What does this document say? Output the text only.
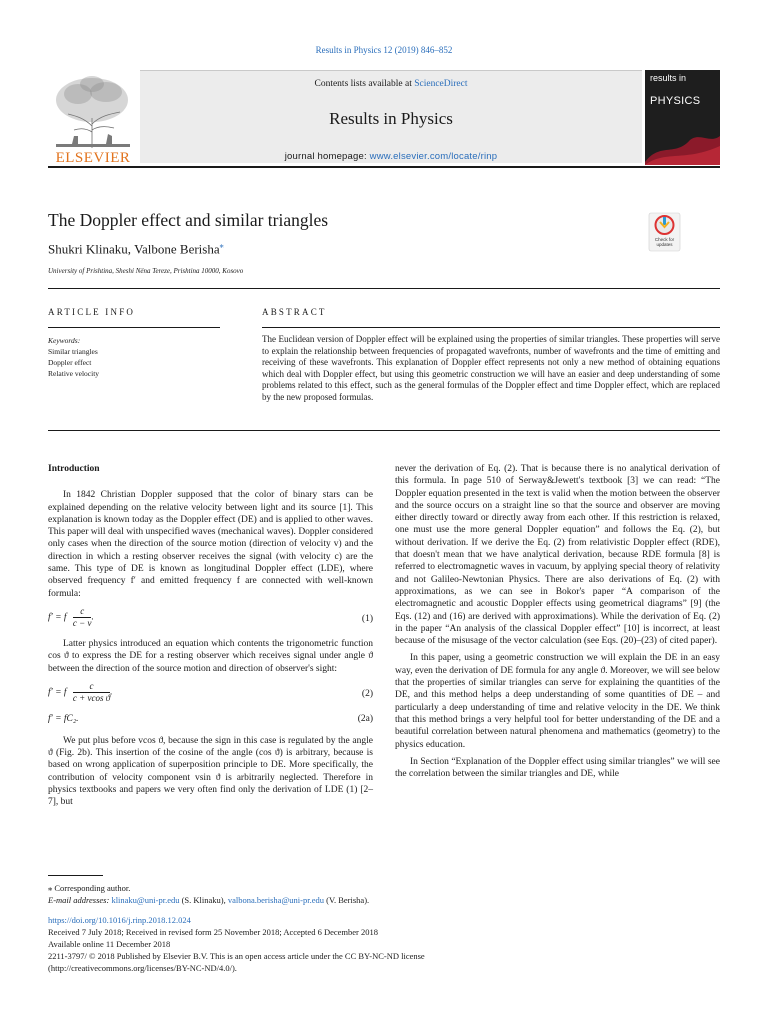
Results in Physics 12 (2019) 846–852
ELSEVIER
Contents lists available at ScienceDirect
Results in Physics
journal homepage: www.elsevier.com/locate/rinp
results in
PHYSICS
The Doppler effect and similar triangles
Shukri Klinaku, Valbone Berisha⁎
University of Prishtina, Sheshi Nëna Tereze, Prishtina 10000, Kosovo
Check for
updates
ARTICLE INFO	ABSTRACT
Keywords:
Similar triangles
Doppler effect
Relative velocity

The Euclidean version of Doppler effect will be explained using the properties of similar triangles. These properties will serve to explain the relationship between frequencies of propagated wavefronts, number of wavefronts and the time of emitting and receiving of these wavefronts. This explanation of Doppler effect represents not only a new method of obtaining equations which deal with Doppler effect, but using this geometric construction we will have an easier and deep understanding of some problems related to this effect, such as the general formulas of the Doppler effect and time Doppler effect, which are replaced by the new proposed formulas.

Introduction

In 1842 Christian Doppler supposed that the color of binary stars can be explained depending on the relative velocity between light and its source [1]. This explanation is known today as the Doppler effect (DE) and is applied to other waves. This paper will deal with unspecified waves (mechanical waves). Doppler considered only cases when the direction of the source motion (direction of velocity v) and the direction in which a resting observer receives the signal (with velocity c) are the same. This type of DE is known as longitudinal Doppler effect (LDE), where observed frequency f′ and emitted frequency f are connected with well-known formula:

f′ = f $\frac{c}{c - v}$ .	(1)

Latter physics introduced an equation which contents the trigonometric function cos ϑ to express the DE for a resting observer which receives signal under angle ϑ between the direction of the source motion and direction of observer's sight:

f′ = f $\frac{c}{\text{c + vcos ϑ}}$ .	(2)
f′ = fC₂.	(2a)

We put plus before vcos ϑ, because the sign in this case is regulated by the angle ϑ (Fig. 2b). This insertion of the cosine of the angle (cos ϑ) is arbitrary, because is based on wrong application of superposition principle to DE. More specifically, the contribution of velocity component vsin ϑ is arbitrarily neglected. Therefore in physics textbooks and papers we very often find only the derivation of LDE (1) [2–7], but

never the derivation of Eq. (2). That is because there is no analytical derivation of this formula. In page 510 of Serway&Jewett's textbook [3] we can read: “The Doppler equation presented in the text is valid when the motion between the observer and the source occurs on a straight line so that the source and observer are moving either directly toward or directly away from each other. If this restriction is relaxed, one must use the more general Doppler equation” and follows the Eq. (2), but without derivation. If we derive the Eq. (2) from relativistic Doppler effect (RDE), that doesn't mean that we have analytical derivation, because RDE formula [8] is referred to electromagnetic waves in vacuum, by applying special theory of relativity and not Galileo-Newtonian Physics. There are also derivations of Eq. (2) with approximations, as we can see in Bokor's paper “A comparison of the electromagnetic and acoustic Doppler effects using geometrical diagrams” [9] (the Eqs. (12) and (16) are derived with approximations). While the derivation of Eq. (2) in the paper “An analysis of the classical Doppler effect” [10] is incorrect, at least because of the misusage of the vector calculation (see Eqs. (20)–(23) of cited paper).

In this paper, using a geometric construction we will explain the DE in an easy way, even the derivation of DE formula for any angle ϑ. Moreover, we will see below that the properties of similar triangles can serve for explaining the quantities of the DE, and this method helps a deep understanding of some quantities of DE – and particularly a deep understanding of time and relative velocity in the DE. We think that this method brings a very helpful tool for better understanding of the DE and a beautiful correlation between natural phenomena and mathematics (geometry) to the physics education.

In Section “Explanation of the Doppler effect using similar triangles” we will see the correlation between the similar triangles and DE, while

⁎ Corresponding author.
E-mail addresses: klinaku@uni-pr.edu (S. Klinaku), valbona.berisha@uni-pr.edu (V. Berisha).
https://doi.org/10.1016/j.rinp.2018.12.024
Received 7 July 2018; Received in revised form 25 November 2018; Accepted 6 December 2018
Available online 11 December 2018
2211-3797/ © 2018 Published by Elsevier B.V. This is an open access article under the CC BY-NC-ND license
(http://creativecommons.org/licenses/BY-NC-ND/4.0/).
